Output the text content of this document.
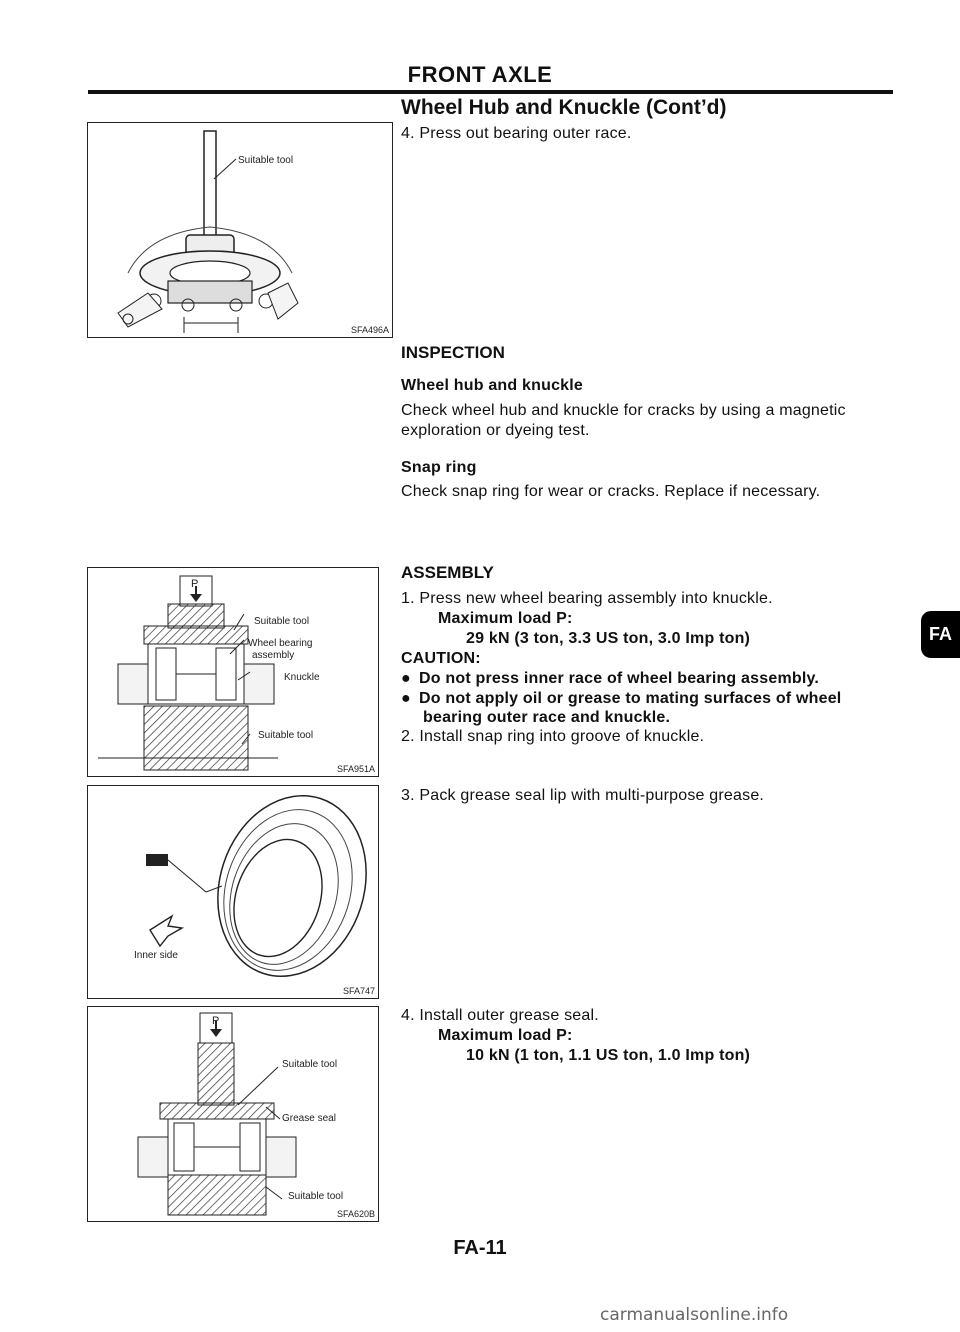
FRONT AXLE
Wheel Hub and Knuckle (Cont’d)
Suitable tool
SFA496A
4. Press out bearing outer race.
INSPECTION
Wheel hub and knuckle
Check wheel hub and knuckle for cracks by using a magnetic
exploration or dyeing test.
Snap ring
Check snap ring for wear or cracks. Replace if necessary.
P
Suitable tool
Wheel bearing
assembly
Knuckle
Suitable tool
SFA951A
ASSEMBLY
1. Press new wheel bearing assembly into knuckle.
Maximum load P:
29 kN (3 ton, 3.3 US ton, 3.0 Imp ton)
CAUTION:
● Do not press inner race of wheel bearing assembly.
● Do not apply oil or grease to mating surfaces of wheel
bearing outer race and knuckle.
2. Install snap ring into groove of knuckle.
FA
Inner side
SFA747
3. Pack grease seal lip with multi-purpose grease.
P
Suitable tool
Grease seal
Suitable tool
SFA620B
4. Install outer grease seal.
Maximum load P:
10 kN (1 ton, 1.1 US ton, 1.0 Imp ton)
FA-11
carmanualsonline.info
